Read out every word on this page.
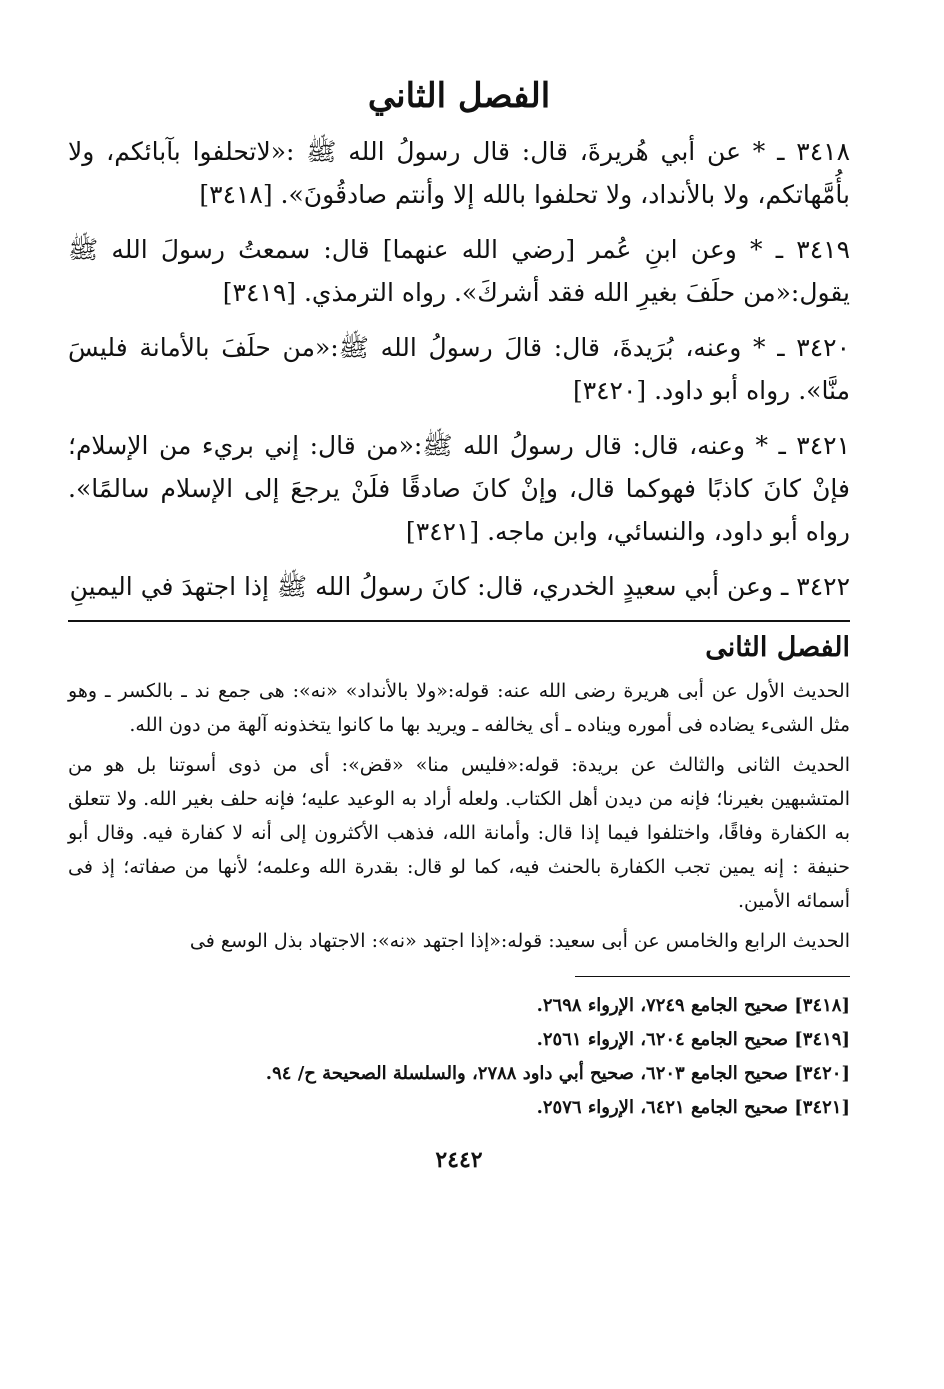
الفصل الثاني

٣٤١٨ ـ * عن أبي هُريرةَ، قال: قال رسولُ الله ﷺ :«لاتحلفوا بآبائكم، ولا بأُمَّهاتكم، ولا بالأنداد، ولا تحلفوا بالله إلا وأنتم صادقُونَ». [٣٤١٨]

٣٤١٩ ـ * وعن ابنِ عُمر [رضي الله عنهما] قال: سمعتُ رسولَ الله ﷺ يقول:«من حلَفَ بغيرِ الله فقد أشركَ». رواه الترمذي. [٣٤١٩]

٣٤٢٠ ـ * وعنه، بُرَيدةَ، قال: قالَ رسولُ الله ﷺ:«من حلَفَ بالأمانة فليسَ منَّا». رواه أبو داود. [٣٤٢٠]

٣٤٢١ ـ * وعنه، قال: قال رسولُ الله ﷺ:«من قال: إني بريء من الإسلام؛ فإنْ كانَ كاذبًا فهوكما قال، وإنْ كانَ صادقًا فلَنْ يرجعَ إلى الإسلام سالمًا». رواه أبو داود، والنسائي، وابن ماجه. [٣٤٢١]

٣٤٢٢ ـ وعن أبي سعيدٍ الخدري، قال: كانَ رسولُ الله ﷺ إذا اجتهدَ في اليمينِ

الفصل الثانى

الحديث الأول عن أبى هريرة رضى الله عنه: قوله:«ولا بالأنداد» «نه»: هى جمع ند ـ بالكسر ـ وهو مثل الشىء يضاده فى أموره ويناده ـ أى يخالفه ـ ويريد بها ما كانوا يتخذونه آلهة من دون الله.

الحديث الثانى والثالث عن بريدة: قوله:«فليس منا» «قض»: أى من ذوى أسوتنا بل هو من المتشبهين بغيرنا؛ فإنه من ديدن أهل الكتاب. ولعله أراد به الوعيد عليه؛ فإنه حلف بغير الله. ولا تتعلق به الكفارة وفاقًا، واختلفوا فيما إذا قال: وأمانة الله، فذهب الأكثرون إلى أنه لا كفارة فيه. وقال أبو حنيفة : إنه يمين تجب الكفارة بالحنث فيه، كما لو قال: بقدرة الله وعلمه؛ لأنها من صفاته؛ إذ فى أسمائه الأمين.

الحديث الرابع والخامس عن أبى سعيد: قوله:«إذا اجتهد «نه»: الاجتهاد بذل الوسع فى

[٣٤١٨] صحيح الجامع ٧٢٤٩، الإرواء ٢٦٩٨.

[٣٤١٩] صحيح الجامع ٦٢٠٤، الإرواء ٢٥٦١.

[٣٤٢٠] صحيح الجامع ٦٢٠٣، صحيح أبي داود ٢٧٨٨، والسلسلة الصحيحة ح/ ٩٤.

[٣٤٢١] صحيح الجامع ٦٤٢١، الإرواء ٢٥٧٦.

٢٤٤٢
